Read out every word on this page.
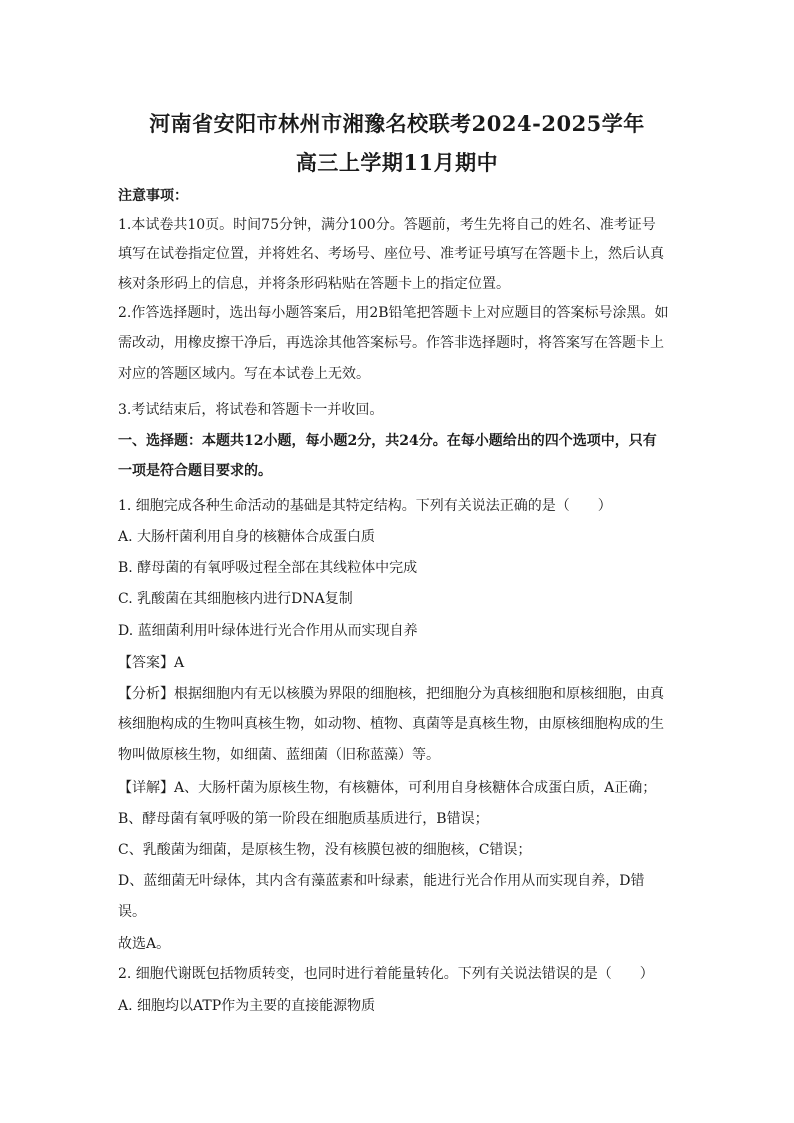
河南省安阳市林州市湘豫名校联考2024-2025学年
高三上学期11月期中
注意事项：
1.本试卷共10页。时间75分钟，满分100分。答题前，考生先将自己的姓名、准考证号
填写在试卷指定位置，并将姓名、考场号、座位号、准考证号填写在答题卡上，然后认真
核对条形码上的信息，并将条形码粘贴在答题卡上的指定位置。
2.作答选择题时，选出每小题答案后，用2B铅笔把答题卡上对应题目的答案标号涂黑。如
需改动，用橡皮擦干净后，再选涂其他答案标号。作答非选择题时，将答案写在答题卡上
对应的答题区域内。写在本试卷上无效。
3.考试结束后，将试卷和答题卡一并收回。
一、选择题：本题共12小题，每小题2分，共24分。在每小题给出的四个选项中，只有
一项是符合题目要求的。
1. 细胞完成各种生命活动的基础是其特定结构。下列有关说法正确的是（　　）
A. 大肠杆菌利用自身的核糖体合成蛋白质
B. 酵母菌的有氧呼吸过程全部在其线粒体中完成
C. 乳酸菌在其细胞核内进行DNA复制
D. 蓝细菌利用叶绿体进行光合作用从而实现自养
【答案】A
【分析】根据细胞内有无以核膜为界限的细胞核，把细胞分为真核细胞和原核细胞，由真
核细胞构成的生物叫真核生物，如动物、植物、真菌等是真核生物，由原核细胞构成的生
物叫做原核生物，如细菌、蓝细菌（旧称蓝藻）等。
【详解】A、大肠杆菌为原核生物，有核糖体，可利用自身核糖体合成蛋白质，A正确；
B、酵母菌有氧呼吸的第一阶段在细胞质基质进行，B错误；
C、乳酸菌为细菌，是原核生物，没有核膜包被的细胞核，C错误；
D、蓝细菌无叶绿体，其内含有藻蓝素和叶绿素，能进行光合作用从而实现自养，D错
误。
故选A。
2. 细胞代谢既包括物质转变，也同时进行着能量转化。下列有关说法错误的是（　　）
A. 细胞均以ATP作为主要的直接能源物质
